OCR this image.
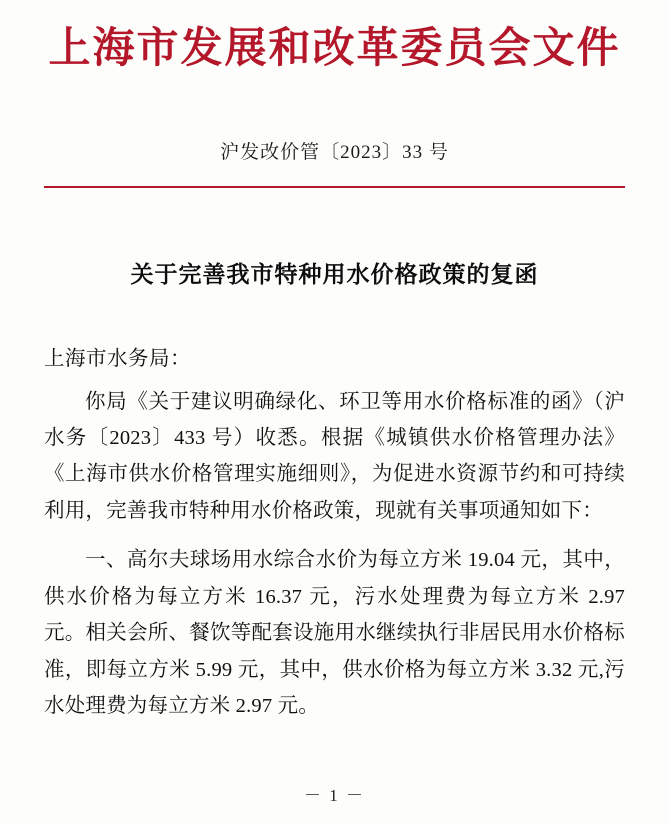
上海市发展和改革委员会文件

沪发改价管〔2023〕33 号

关于完善我市特种用水价格政策的复函

上海市水务局：

你局《关于建议明确绿化、环卫等用水价格标准的函》（沪水务〔2023〕433 号）收悉。根据《城镇供水价格管理办法》《上海市供水价格管理实施细则》，为促进水资源节约和可持续利用，完善我市特种用水价格政策，现就有关事项通知如下：

一、高尔夫球场用水综合水价为每立方米 19.04 元，其中，供水价格为每立方米 16.37 元，污水处理费为每立方米 2.97 元。相关会所、餐饮等配套设施用水继续执行非居民用水价格标准，即每立方米 5.99 元，其中，供水价格为每立方米 3.32 元,污水处理费为每立方米 2.97 元。

－ 1 －
